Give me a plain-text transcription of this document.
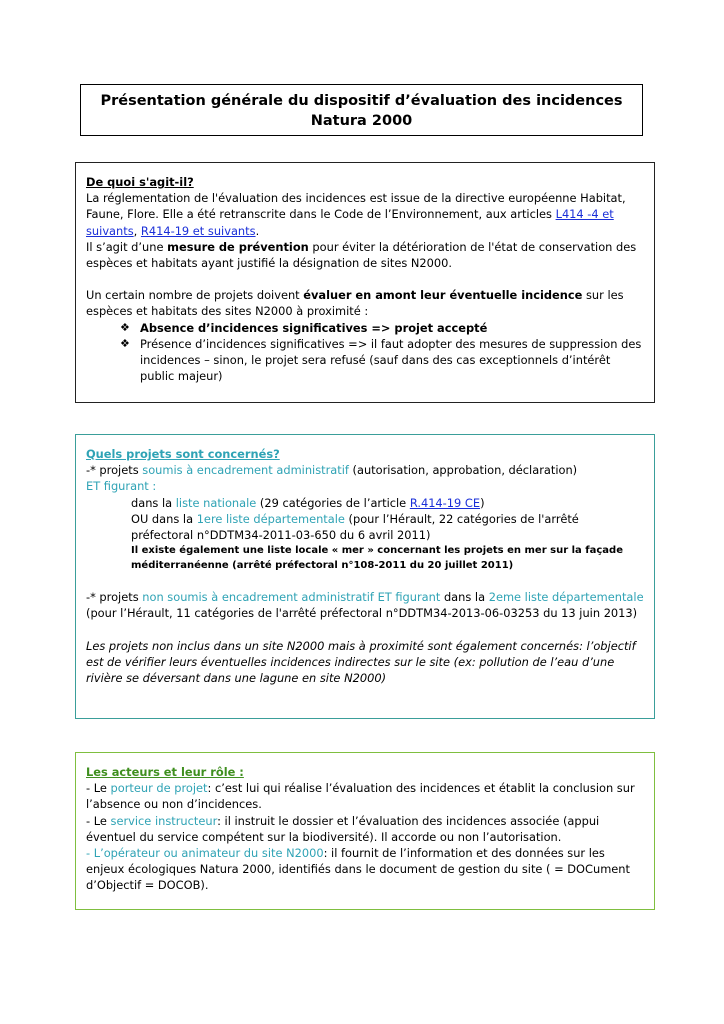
Présentation générale du dispositif d’évaluation des incidences
Natura 2000

De quoi s'agit-il?

La réglementation de l'évaluation des incidences est issue de la directive européenne Habitat, Faune, Flore. Elle a été retranscrite dans le Code de l’Environnement, aux articles L414 -4 et suivants, R414-19 et suivants.

Il s’agit d’une mesure de prévention pour éviter la détérioration de l'état de conservation des espèces et habitats ayant justifié la désignation de sites N2000.

Un certain nombre de projets doivent évaluer en amont leur éventuelle incidence sur les espèces et habitats des sites N2000 à proximité :

❖ Absence d’incidences significatives => projet accepté
❖ Présence d’incidences significatives => il faut adopter des mesures de suppression des incidences – sinon, le projet sera refusé (sauf dans des cas exceptionnels d’intérêt public majeur)

Quels projets sont concernés?

-* projets soumis à encadrement administratif (autorisation, approbation, déclaration)

ET figurant :

dans la liste nationale (29 catégories de l’article R.414-19 CE)

OU dans la 1ere liste départementale (pour l’Hérault, 22 catégories de l'arrêté préfectoral n°DDTM34-2011-03-650 du 6 avril 2011)

Il existe également une liste locale « mer » concernant les projets en mer sur la façade méditerranéenne (arrêté préfectoral n°108-2011 du 20 juillet 2011)

-* projets non soumis à encadrement administratif ET figurant dans la 2eme liste départementale (pour l’Hérault, 11 catégories de l'arrêté préfectoral n°DDTM34-2013-06-03253 du 13 juin 2013)

Les projets non inclus dans un site N2000 mais à proximité sont également concernés: l’objectif est de vérifier leurs éventuelles incidences indirectes sur le site (ex: pollution de l’eau d’une rivière se déversant dans une lagune en site N2000)

Les acteurs et leur rôle :

- Le porteur de projet: c’est lui qui réalise l’évaluation des incidences et établit la conclusion sur l’absence ou non d’incidences.

- Le service instructeur: il instruit le dossier et l’évaluation des incidences associée (appui éventuel du service compétent sur la biodiversité). Il accorde ou non l’autorisation.

- L’opérateur ou animateur du site N2000: il fournit de l’information et des données sur les enjeux écologiques Natura 2000, identifiés dans le document de gestion du site ( = DOCument d’Objectif = DOCOB).
